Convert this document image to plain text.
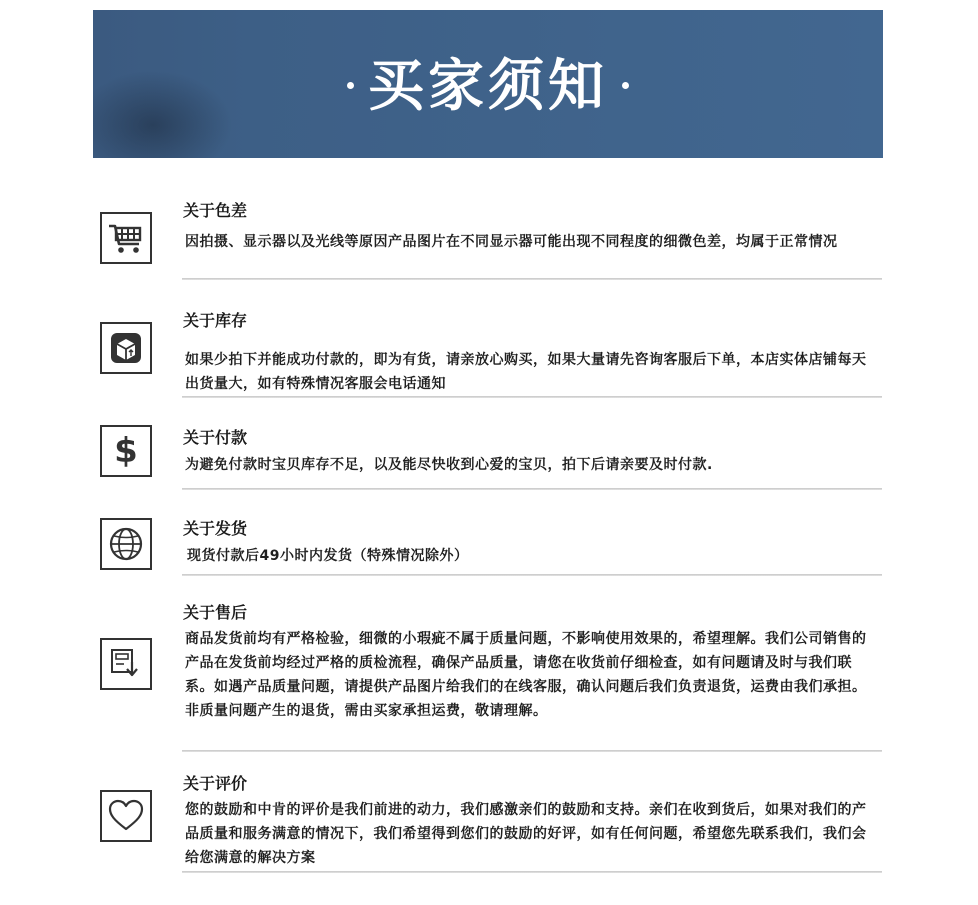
买家须知
关于色差
因拍摄、显示器以及光线等原因产品图片在不同显示器可能出现不同程度的细微色差，均属于正常情况
关于库存
如果少拍下并能成功付款的，即为有货，请亲放心购买，如果大量请先咨询客服后下单，本店实体店铺每天出货量大，如有特殊情况客服会电话通知
$	关于付款
为避免付款时宝贝库存不足，以及能尽快收到心爱的宝贝，拍下后请亲要及时付款.
关于发货
现货付款后49小时内发货（特殊情况除外）
关于售后
商品发货前均有严格检验，细微的小瑕疵不属于质量问题，不影响使用效果的，希望理解。我们公司销售的产品在发货前均经过严格的质检流程，确保产品质量，请您在收货前仔细检查，如有问题请及时与我们联系。如遇产品质量问题，请提供产品图片给我们的在线客服，确认问题后我们负责退货，运费由我们承担。非质量问题产生的退货，需由买家承担运费，敬请理解。
关于评价
您的鼓励和中肯的评价是我们前进的动力，我们感激亲们的鼓励和支持。亲们在收到货后，如果对我们的产品质量和服务满意的情况下，我们希望得到您们的鼓励的好评，如有任何问题，希望您先联系我们，我们会给您满意的解决方案
